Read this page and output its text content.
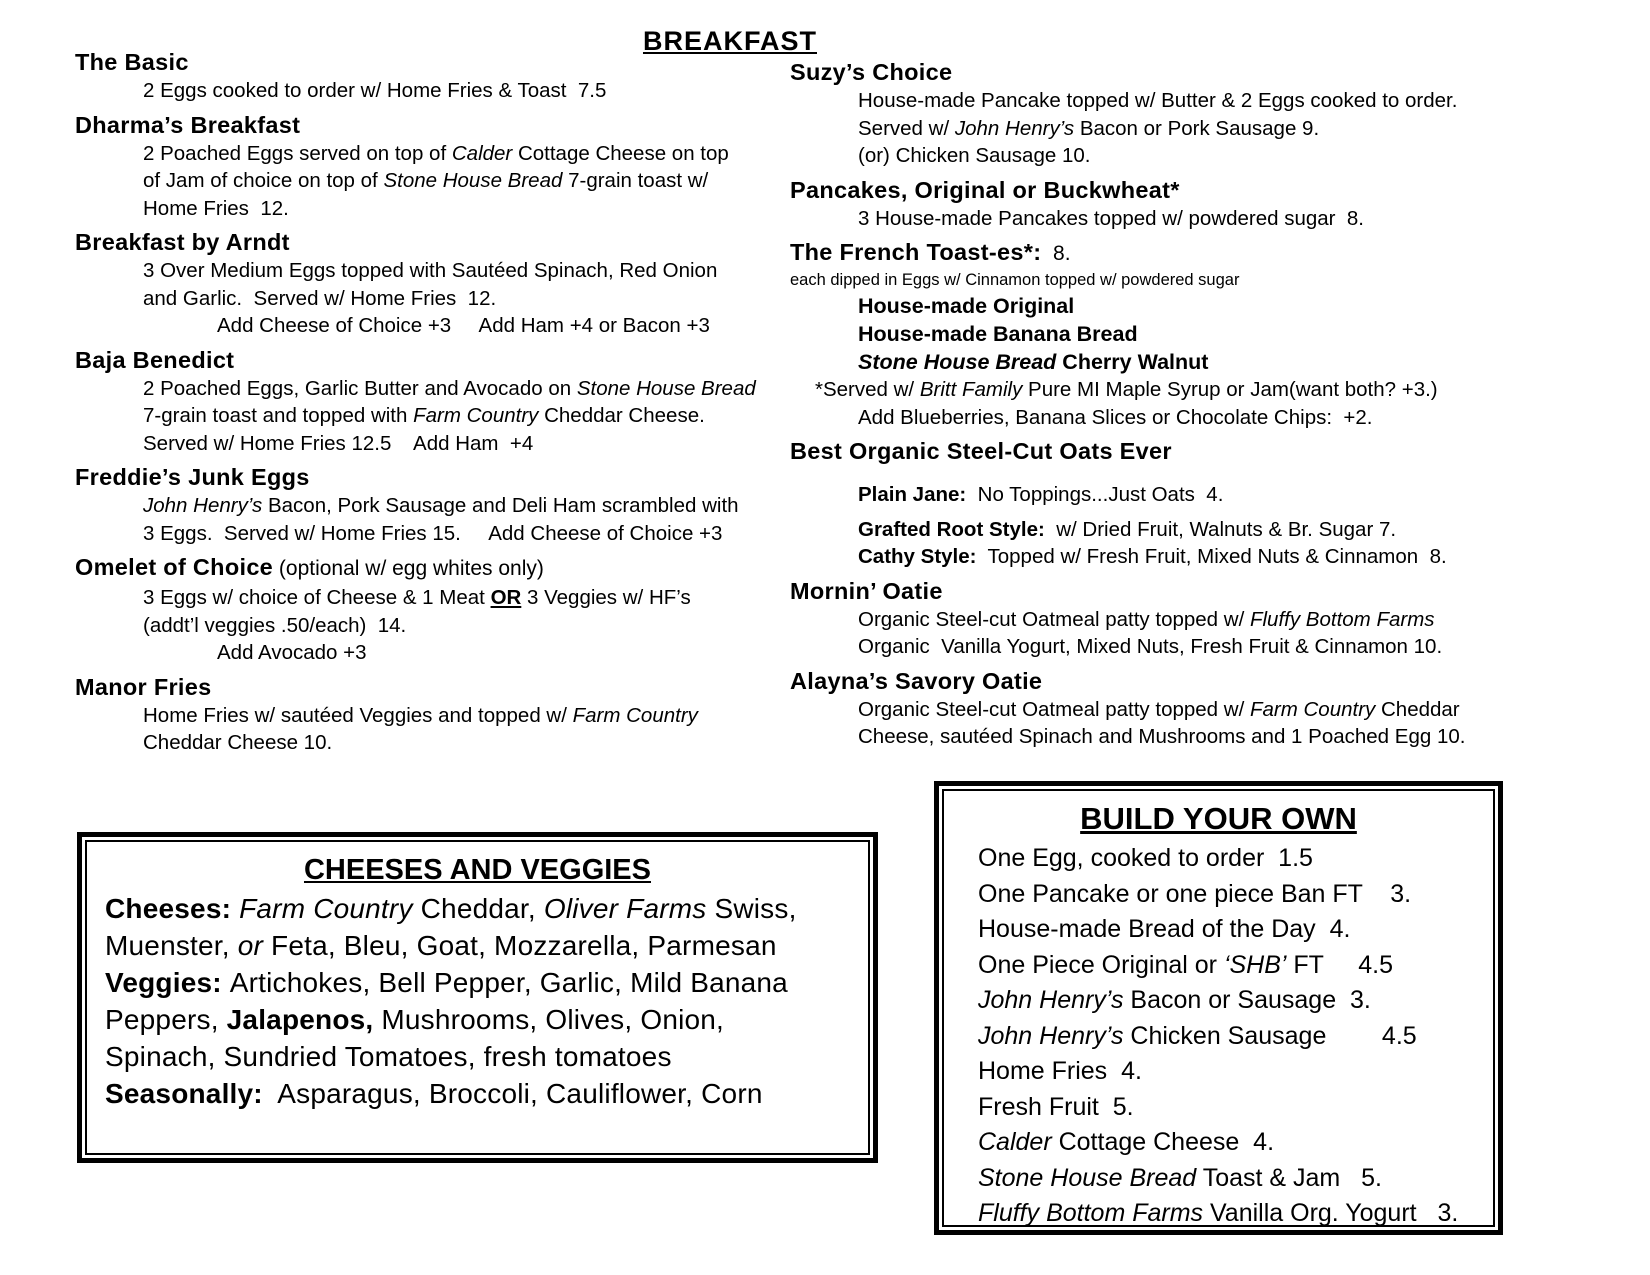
BREAKFAST
The Basic
2 Eggs cooked to order w/ Home Fries & Toast  7.5
Dharma’s Breakfast
2 Poached Eggs served on top of Calder Cottage Cheese on top
of Jam of choice on top of Stone House Bread 7-grain toast w/
Home Fries  12.
Breakfast by Arndt
3 Over Medium Eggs topped with Sautéed Spinach, Red Onion
and Garlic.  Served w/ Home Fries  12.
Add Cheese of Choice +3     Add Ham +4 or Bacon +3
Baja Benedict
2 Poached Eggs, Garlic Butter and Avocado on Stone House Bread
7-grain toast and topped with Farm Country Cheddar Cheese.
Served w/ Home Fries 12.5    Add Ham  +4
Freddie’s Junk Eggs
John Henry’s Bacon, Pork Sausage and Deli Ham scrambled with
3 Eggs.  Served w/ Home Fries 15.     Add Cheese of Choice +3
Omelet of Choice (optional w/ egg whites only)
3 Eggs w/ choice of Cheese & 1 Meat OR 3 Veggies w/ HF’s
(addt’l veggies .50/each)  14.
Add Avocado +3
Manor Fries
Home Fries w/ sautéed Veggies and topped w/ Farm Country
Cheddar Cheese 10.
Suzy’s Choice
House-made Pancake topped w/ Butter & 2 Eggs cooked to order.
Served w/ John Henry’s Bacon or Pork Sausage 9.
(or) Chicken Sausage 10.
Pancakes, Original or Buckwheat*
3 House-made Pancakes topped w/ powdered sugar  8.
The French Toast-es*:  8.
each dipped in Eggs w/ Cinnamon topped w/ powdered sugar
House-made Original
House-made Banana Bread
Stone House Bread Cherry Walnut
*Served w/ Britt Family Pure MI Maple Syrup or Jam(want both? +3.)
Add Blueberries, Banana Slices or Chocolate Chips:  +2.
Best Organic Steel-Cut Oats Ever
Plain Jane:  No Toppings...Just Oats  4.
Grafted Root Style:  w/ Dried Fruit, Walnuts & Br. Sugar 7.
Cathy Style:  Topped w/ Fresh Fruit, Mixed Nuts & Cinnamon  8.
Mornin’ Oatie
Organic Steel-cut Oatmeal patty topped w/ Fluffy Bottom Farms
Organic  Vanilla Yogurt, Mixed Nuts, Fresh Fruit & Cinnamon 10.
Alayna’s Savory Oatie
Organic Steel-cut Oatmeal patty topped w/ Farm Country Cheddar
Cheese, sautéed Spinach and Mushrooms and 1 Poached Egg 10.
CHEESES AND VEGGIES
Cheeses: Farm Country Cheddar, Oliver Farms Swiss,
Muenster, or Feta, Bleu, Goat, Mozzarella, Parmesan
Veggies: Artichokes, Bell Pepper, Garlic, Mild Banana
Peppers, Jalapenos, Mushrooms, Olives, Onion,
Spinach, Sundried Tomatoes, fresh tomatoes
Seasonally:  Asparagus, Broccoli, Cauliflower, Corn
BUILD YOUR OWN
One Egg, cooked to order  1.5
One Pancake or one piece Ban FT    3.
House-made Bread of the Day  4.
One Piece Original or ‘SHB’ FT     4.5
John Henry’s Bacon or Sausage  3.
John Henry’s Chicken Sausage        4.5
Home Fries  4.
Fresh Fruit  5.
Calder Cottage Cheese  4.
Stone House Bread Toast & Jam   5.
Fluffy Bottom Farms Vanilla Org. Yogurt   3.
